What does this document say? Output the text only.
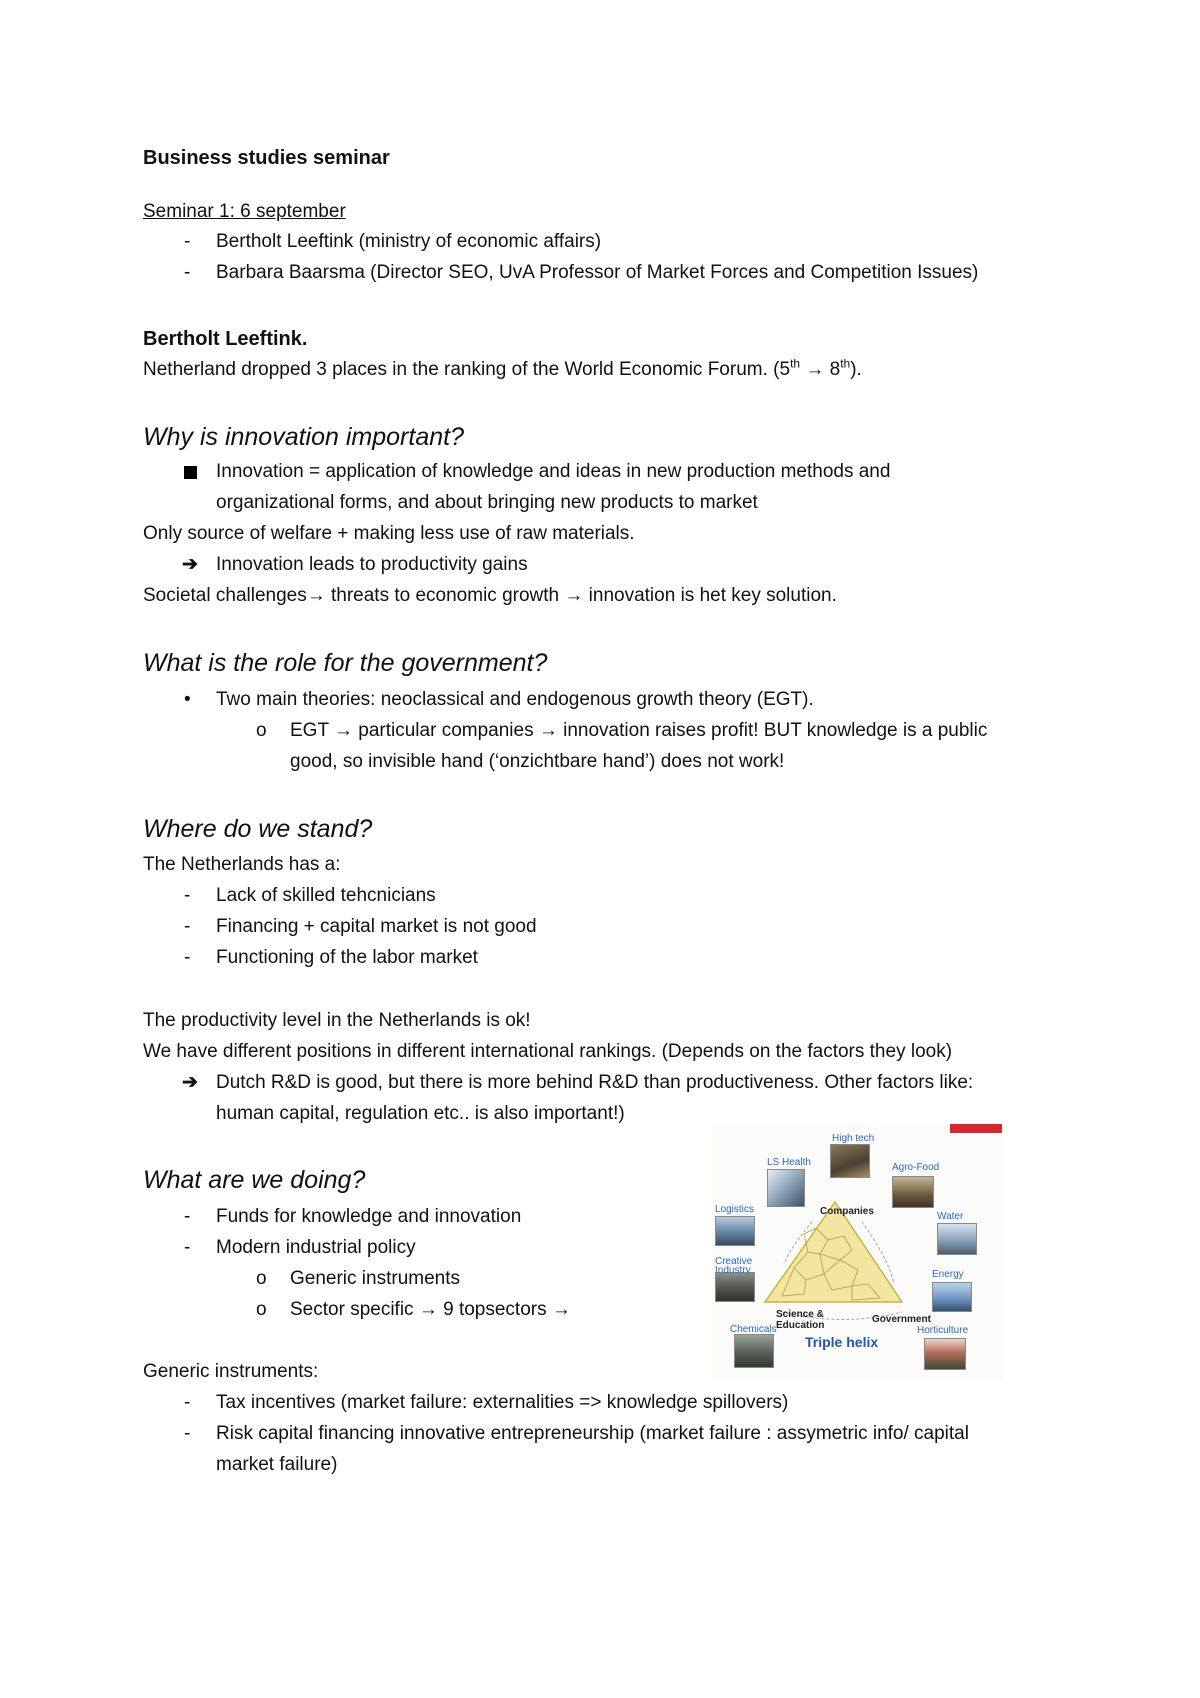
Business studies seminar
Seminar 1: 6 september
- Bertholt Leeftink (ministry of economic affairs)
- Barbara Baarsma (Director SEO, UvA Professor of Market Forces and Competition Issues)
Bertholt Leeftink.
Netherland dropped 3 places in the ranking of the World Economic Forum. (5th → 8th).
Why is innovation important?
Innovation = application of knowledge and ideas in new production methods and
organizational forms, and about bringing new products to market
Only source of welfare + making less use of raw materials.
➔ Innovation leads to productivity gains
Societal challenges→ threats to economic growth → innovation is het key solution.
What is the role for the government?
• Two main theories: neoclassical and endogenous growth theory (EGT).
o EGT → particular companies → innovation raises profit! BUT knowledge is a public
good, so invisible hand (‘onzichtbare hand’) does not work!
Where do we stand?
The Netherlands has a:
- Lack of skilled tehcnicians
- Financing + capital market is not good
- Functioning of the labor market
The productivity level in the Netherlands is ok!
We have different positions in different international rankings. (Depends on the factors they look)
➔ Dutch R&D is good, but there is more behind R&D than productiveness. Other factors like:
human capital, regulation etc.. is also important!)
What are we doing?
- Funds for knowledge and innovation
- Modern industrial policy
o Generic instruments
o Sector specific → 9 topsectors →
Generic instruments:
- Tax incentives (market failure: externalities => knowledge spillovers)
- Risk capital financing innovative entrepreneurship (market failure : assymetric info/ capital
market failure)
High tech
LS Health	Agro-Food
Logistics	Companies	Water
Creative
Industry	Energy
Science &
Education
Government
Chemicals	Horticulture
Triple helix
